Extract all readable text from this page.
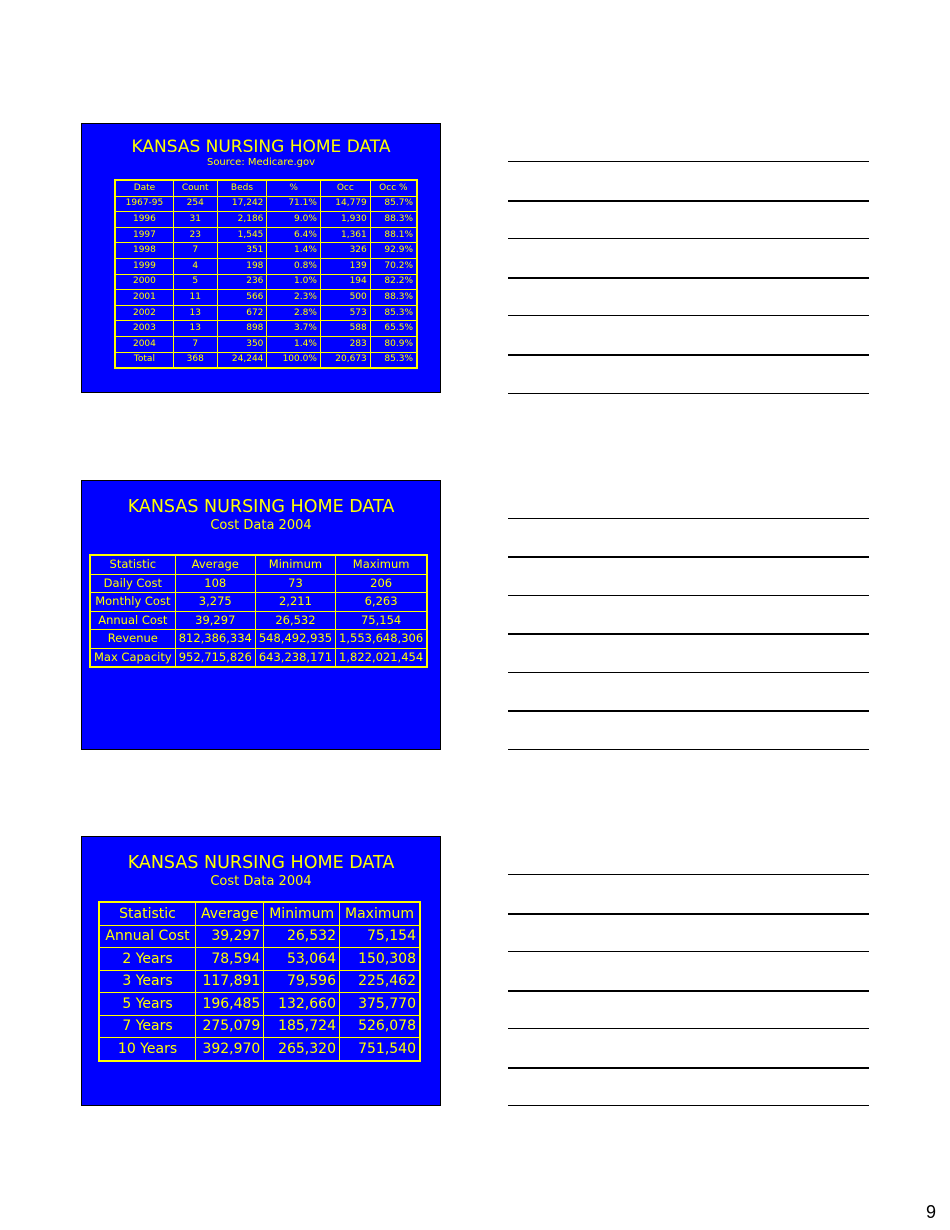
KANSAS NURSING HOME DATA
Source: Medicare.gov
Date	Count	Beds	%	Occ	Occ %
1967-95	254	17,242	71.1%	14,779	85.7%
1996	31	2,186	9.0%	1,930	88.3%
1997	23	1,545	6.4%	1,361	88.1%
1998	7	351	1.4%	326	92.9%
1999	4	198	0.8%	139	70.2%
2000	5	236	1.0%	194	82.2%
2001	11	566	2.3%	500	88.3%
2002	13	672	2.8%	573	85.3%
2003	13	898	3.7%	588	65.5%
2004	7	350	1.4%	283	80.9%
Total	368	24,244	100.0%	20,673	85.3%
KANSAS NURSING HOME DATA
Cost Data 2004
Statistic	Average	Minimum	Maximum
Daily Cost	108	73	206
Monthly Cost	3,275	2,211	6,263
Annual Cost	39,297	26,532	75,154
Revenue	812,386,334	548,492,935	1,553,648,306
Max Capacity	952,715,826	643,238,171	1,822,021,454
KANSAS NURSING HOME DATA
Cost Data 2004
Statistic	Average	Minimum	Maximum
Annual Cost	39,297	26,532	75,154
2 Years	78,594	53,064	150,308
3 Years	117,891	79,596	225,462
5 Years	196,485	132,660	375,770
7 Years	275,079	185,724	526,078
10 Years	392,970	265,320	751,540
9
